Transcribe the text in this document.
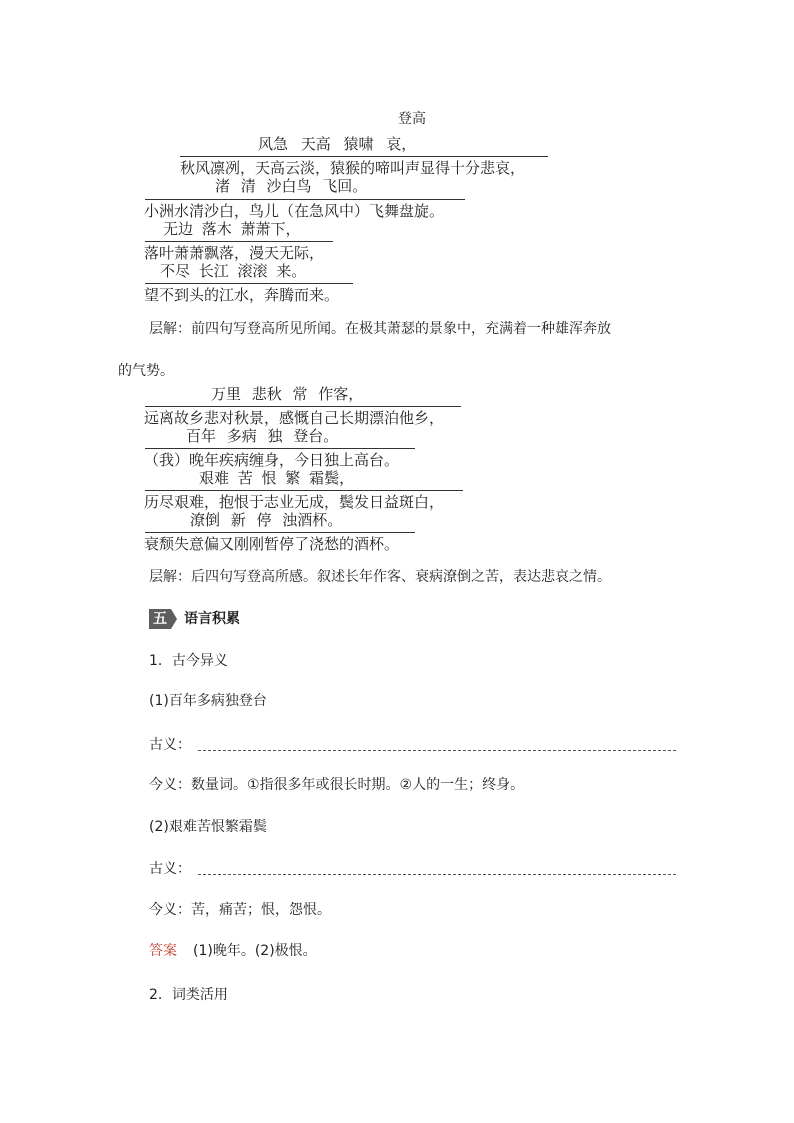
登高
风急 天高 猿啸 哀，
秋风凛冽，天高云淡，猿猴的啼叫声显得十分悲哀，
渚 清 沙白鸟 飞回。
小洲水清沙白，鸟儿（在急风中）飞舞盘旋。
无边 落木 萧萧下，
落叶萧萧飘落，漫天无际，
不尽 长江 滚滚 来。
望不到头的江水，奔腾而来。
层解：前四句写登高所见所闻。在极其萧瑟的景象中，充满着一种雄浑奔放
的气势。
万里 悲秋 常 作客，
远离故乡悲对秋景，感慨自己长期漂泊他乡，
百年 多病 独 登台。
（我）晚年疾病缠身，今日独上高台。
艰难 苦 恨 繁 霜鬓，
历尽艰难，抱恨于志业无成，鬓发日益斑白，
潦倒 新 停 浊酒杯。
衰颓失意偏又刚刚暂停了浇愁的酒杯。
层解：后四句写登高所感。叙述长年作客、衰病潦倒之苦，表达悲哀之情。
五 语言积累
1．古今异义
(1)百年多病独登台
古义：
今义：数量词。①指很多年或很长时期。②人的一生；终身。
(2)艰难苦恨繁霜鬓
古义：
今义：苦，痛苦；恨，怨恨。
答案 (1)晚年。(2)极恨。
2．词类活用
